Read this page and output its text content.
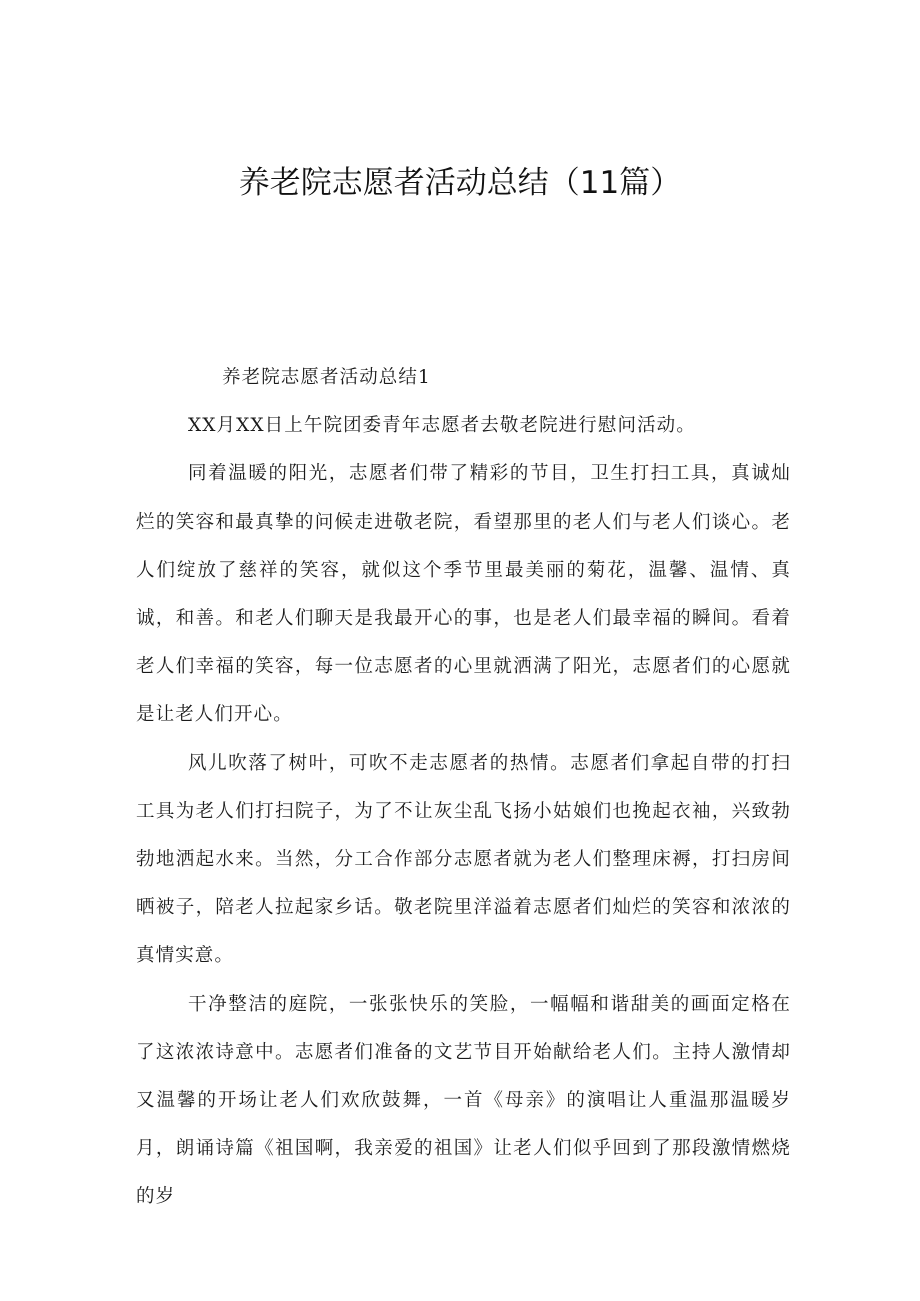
养老院志愿者活动总结（11篇）

养老院志愿者活动总结1

XX月XX日上午院团委青年志愿者去敬老院进行慰问活动。

同着温暖的阳光，志愿者们带了精彩的节目，卫生打扫工具，真诚灿烂的笑容和最真挚的问候走进敬老院，看望那里的老人们与老人们谈心。老人们绽放了慈祥的笑容，就似这个季节里最美丽的菊花，温馨、温情、真诚，和善。和老人们聊天是我最开心的事，也是老人们最幸福的瞬间。看着老人们幸福的笑容，每一位志愿者的心里就洒满了阳光，志愿者们的心愿就是让老人们开心。

风儿吹落了树叶，可吹不走志愿者的热情。志愿者们拿起自带的打扫工具为老人们打扫院子，为了不让灰尘乱飞扬小姑娘们也挽起衣袖，兴致勃勃地洒起水来。当然，分工合作部分志愿者就为老人们整理床褥，打扫房间晒被子，陪老人拉起家乡话。敬老院里洋溢着志愿者们灿烂的笑容和浓浓的真情实意。

干净整洁的庭院，一张张快乐的笑脸，一幅幅和谐甜美的画面定格在了这浓浓诗意中。志愿者们准备的文艺节目开始献给老人们。主持人激情却又温馨的开场让老人们欢欣鼓舞，一首《母亲》的演唱让人重温那温暖岁月，朗诵诗篇《祖国啊，我亲爱的祖国》让老人们似乎回到了那段激情燃烧的岁
